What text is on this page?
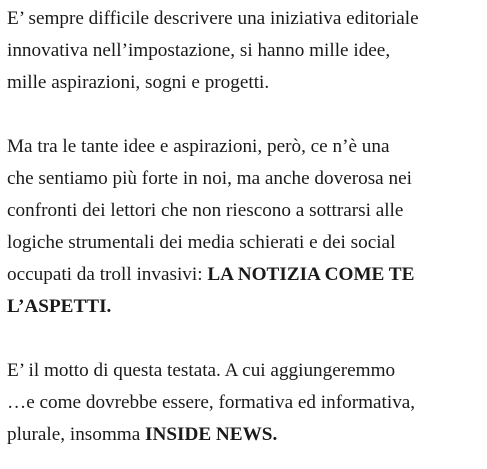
E’ sempre difficile descrivere una iniziativa editoriale
innovativa nell’impostazione, si hanno mille idee,
mille aspirazioni, sogni e progetti.

Ma tra le tante idee e aspirazioni, però, ce n’è una
che sentiamo più forte in noi, ma anche doverosa nei
confronti dei lettori che non riescono a sottrarsi alle
logiche strumentali dei media schierati e dei social
occupati da troll invasivi: LA NOTIZIA COME TE
L’ASPETTI.

E’ il motto di questa testata. A cui aggiungeremmo
…e come dovrebbe essere, formativa ed informativa,
plurale, insomma INSIDE NEWS.
